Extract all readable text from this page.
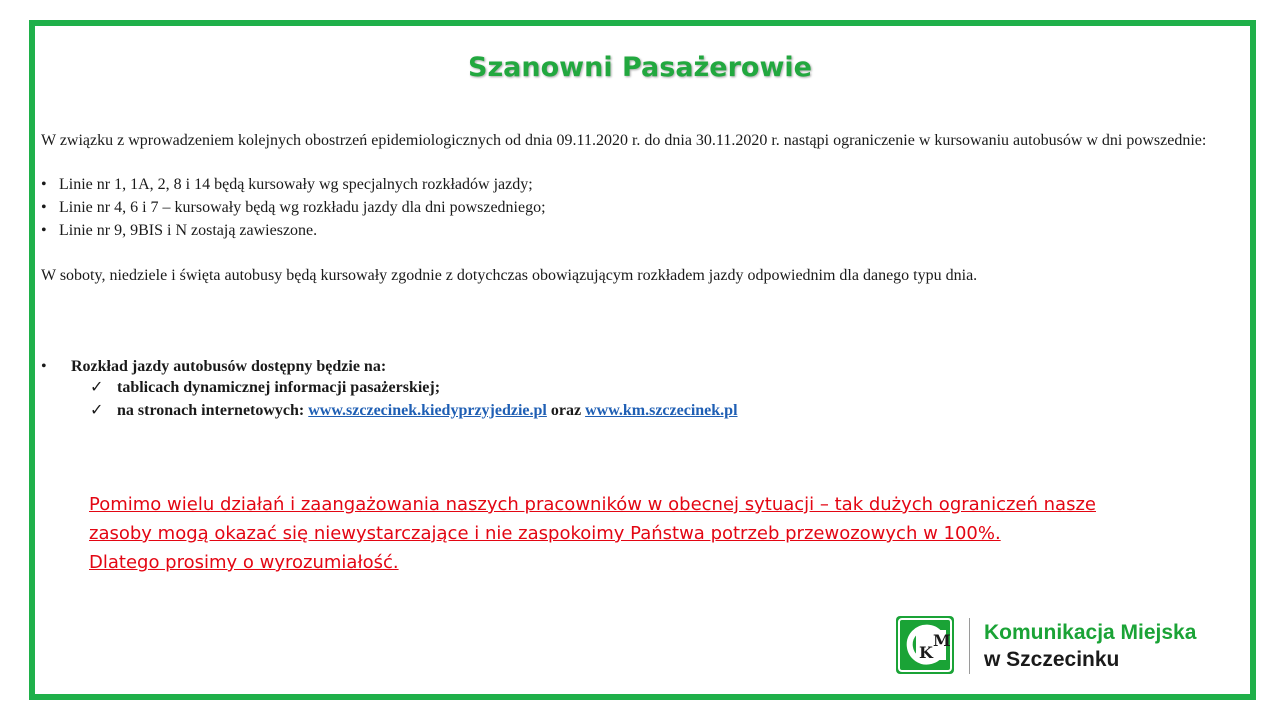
Szanowni Pasażerowie
W związku z wprowadzeniem kolejnych obostrzeń epidemiologicznych od dnia 09.11.2020 r. do dnia 30.11.2020 r. nastąpi ograniczenie w kursowaniu autobusów w dni powszednie:
• Linie nr 1, 1A, 2, 8 i 14 będą kursowały wg specjalnych rozkładów jazdy;
• Linie nr 4, 6 i 7 – kursowały będą wg rozkładu jazdy dla dni powszedniego;
• Linie nr 9, 9BIS i N zostają zawieszone.
W soboty, niedziele i święta autobusy będą kursowały zgodnie z dotychczas obowiązującym rozkładem jazdy odpowiednim dla danego typu dnia.
• Rozkład jazdy autobusów dostępny będzie na:
✓ tablicach dynamicznej informacji pasażerskiej;
✓ na stronach internetowych: www.szczecinek.kiedyprzyjedzie.pl oraz www.km.szczecinek.pl
Pomimo wielu działań i zaangażowania naszych pracowników w obecnej sytuacji – tak dużych ograniczeń nasze
zasoby mogą okazać się niewystarczające i nie zaspokoimy Państwa potrzeb przewozowych w 100%.
Dlatego prosimy o wyrozumiałość.
M
K
Komunikacja Miejska
w Szczecinku
